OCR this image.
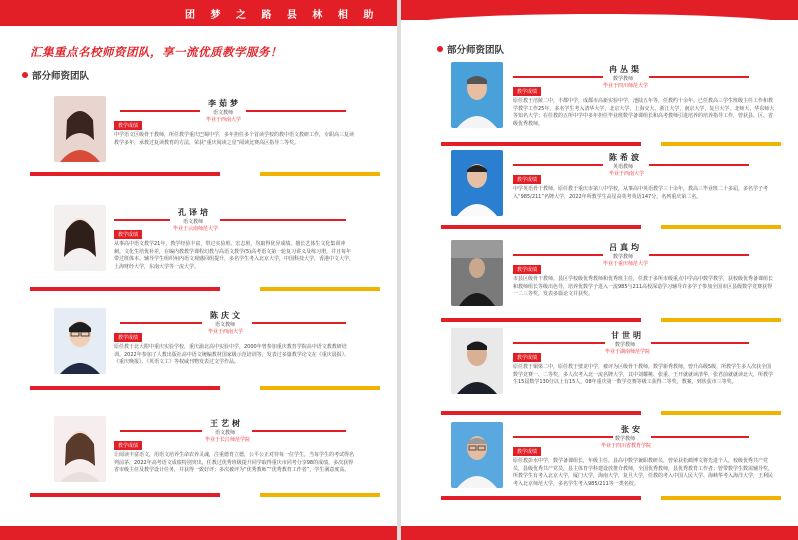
团 梦 之 路 县 林 相 助
汇集重点名校师资团队，享一流优质教学服务！
部分师资团队
李茹梦
语文教师
毕业于西南大学
教学成绩
中学语文区级骨干教师，所任教学重庆巴蜀中学，多年担任多个首读学校的教中语文教研工作，专职高三复读教学多年，承教过复读教育的方法，荣获“重庆阅读之星”阅读比赛高区指导二等奖。
孔译培
语文教师
毕业于云南师范大学
教学成绩
从事高中语文教学21年，教学经验丰富，带过实验班、宏志班，均取得优异成绩。擅长艺体生文化集训冲刺。文化生培优补差，在编内教教学课程幻教与高语文教学(5)高考语文第一轮复习讲义及练习册，并且每年带过班体本。辅导学生组织州内语文观感回组提升，多名学生考入北京大学，中国科技大学，香港中文大学，上海财经大学，东南大学等一流大学。
陈庆文
语文教师
毕业于西南大学
教学成绩
原任教于北大附中重庆实验学校，重庆渝北高中实验中学，2000年曾参加重庆教育学院高中语文教教研培训。2022年参加了人教出版社高中语文统编教材国家级示范培训等，发表过多篇教学论文在《重庆晨报》、《重庆晚报》、《英语文工》等权威刊物发表过文学作品。
王艺树
语文教师
毕业于长江师范学院
教学成绩
让阅读丰富语文，用语文培养生命农养灵魂，注重德育立德，公平公正对待每一位学生，当每学生的考试得名列前茅，2022年高考语文成绩特别突出，任教过优秀班级提升同学取得重庆市同考分享98的成绩，多次获得省市级主任及教学设计任务，并获得一致好评；多次被评为“优秀教师”“优秀教育工作者”，学生满意度高。
部分师资团队
冉丛渠
数学教师
毕业于四川师范大学
教学成绩
原任教于涪陵二中，丰都中学，成都市高新实验中学，池陆五年等，任教约十余年。已任教高三学生班级主任工作和教学教学工作25年，多名学生考入清华大学，北京大学，上海交大，浙江大学，南京大学，复旦大学，北师大，华东师大等知名大学；在任教的五所中学中多年担任毕业班数学备课组长和高考教师引进培养的培养指导工作，曾获县、区、省级优秀教师。
陈希波
英语教师
毕业于西南大学
教学成绩
中学英语骨干教师，原任教于重庆市第八中学校，从事高中英语教学三十余年，教高三毕业班二十多届，多名学子考入“985/211”名牌大学，2022年所教学生高星高英考英语147分，名列重庆第二名。
吕真均
数学教师
毕业于重庆师范大学
教学成绩
市县区级骨干教师，县区学校级优秀教师和优秀班主任，任教于多所市级重点中学高中数学教学，获校级优秀备课组长和教师组长等级出色导，培养优数学子进入一流985与211高校深造学习辅导许多学子参加全国市区县级数学竞赛获得一二三等奖，发表多篇论文并获奖。
甘世明
数学教师
毕业于湖南师范学院
教学成绩
原任教于铜梁二中，原任教于璧龙中学，被评为区级骨干教师，数学新秀教师，曾升高级5级，所教学生多人次获全国数学竞赛一、二等奖，多人次考入北一流名牌大学，其中刘耀桃、张重、王开就就读清华，张君前就就读北大，所教学生15届数学130分以上有15人，08年重庆第一数学竞赛等级工获得二等奖，教案，到状获市三等奖。
张安
数学教师
毕业于四川省教育学院
教学成绩
原任教彭水中学，数学备课组长，年级主任，县高中数学兼职教研员，曾荣获松鹤博文将先进个人，校级优秀共产党员，县级优秀共产党员，县主体育学科建设放推介教师，全国优秀教师，县优秀教育工作者；曾带数学生数需辅导奖，所教学生有考入北京大学，厦门大学，海南大学，复旦大学，任教的考入中国人民大学、海峡华考入海洋大学，王利民考入北京师范大学，多名学生考入985/211等一类名校。
